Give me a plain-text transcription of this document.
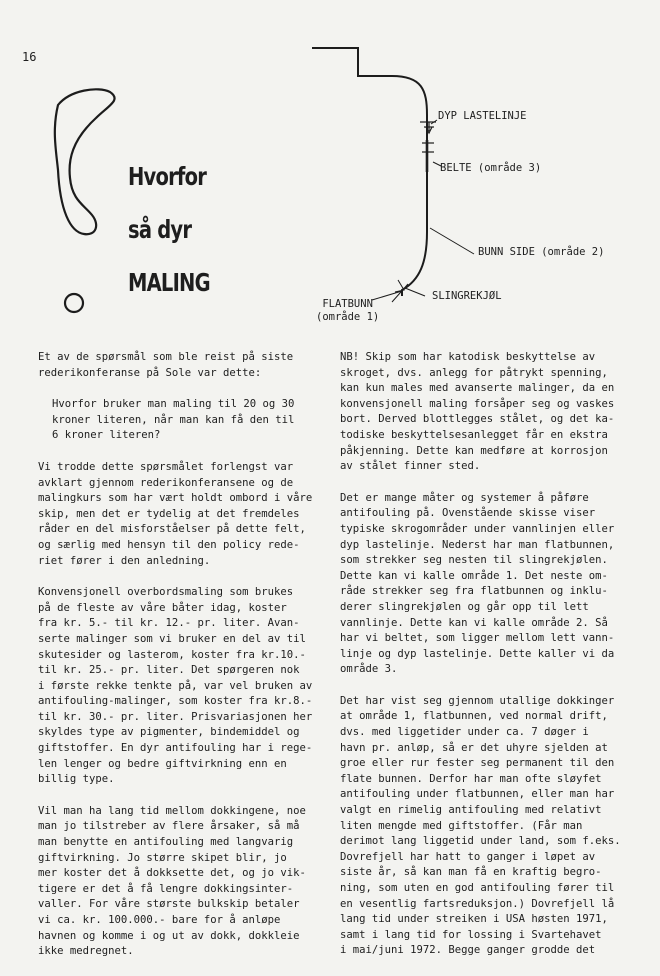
16
Hvorfor
så dyr
MALING
DYP LASTELINJE
BELTE (område 3)
BUNN SIDE (område 2)
SLINGREKJØL
FLATBUNN
(område 1)
Et av de spørsmål som ble reist på siste
rederikonferanse på Sole var dette:
Hvorfor bruker man maling til 20 og 30
kroner literen, når man kan få den til
6 kroner literen?
Vi trodde dette spørsmålet forlengst var
avklart gjennom rederikonferansene og de
malingkurs som har vært holdt ombord i våre
skip, men det er tydelig at det fremdeles
råder en del misforståelser på dette felt,
og særlig med hensyn til den policy rede-
riet fører i den anledning.
Konvensjonell overbordsmaling som brukes
på de fleste av våre båter idag, koster
fra kr. 5.- til kr. 12.- pr. liter. Avan-
serte malinger som vi bruker en del av til
skutesider og lasterom, koster fra kr.10.-
til kr. 25.- pr. liter. Det spørgeren nok
i første rekke tenkte på, var vel bruken av
antifouling-malinger, som koster fra kr.8.-
til kr. 30.- pr. liter. Prisvariasjonen her
skyldes type av pigmenter, bindemiddel og
giftstoffer. En dyr antifouling har i rege-
len lenger og bedre giftvirkning enn en
billig type.
Vil man ha lang tid mellom dokkingene, noe
man jo tilstreber av flere årsaker, så må
man benytte en antifouling med langvarig
giftvirkning. Jo større skipet blir, jo
mer koster det å dokksette det, og jo vik-
tigere er det å få lengre dokkingsinter-
valler. For våre største bulkskip betaler
vi ca. kr. 100.000.- bare for å anløpe
havnen og komme i og ut av dokk, dokkleie
ikke medregnet.
NB! Skip som har katodisk beskyttelse av
skroget, dvs. anlegg for påtrykt spenning,
kan kun males med avanserte malinger, da en
konvensjonell maling forsåper seg og vaskes
bort. Derved blottlegges stålet, og det ka-
todiske beskyttelsesanlegget får en ekstra
påkjenning. Dette kan medføre at korrosjon
av stålet finner sted.
Det er mange måter og systemer å påføre
antifouling på. Ovenstående skisse viser
typiske skrogområder under vannlinjen eller
dyp lastelinje. Nederst har man flatbunnen,
som strekker seg nesten til slingrekjølen.
Dette kan vi kalle område 1. Det neste om-
råde strekker seg fra flatbunnen og inklu-
derer slingrekjølen og går opp til lett
vannlinje. Dette kan vi kalle område 2. Så
har vi beltet, som ligger mellom lett vann-
linje og dyp lastelinje. Dette kaller vi da
område 3.
Det har vist seg gjennom utallige dokkinger
at område 1, flatbunnen, ved normal drift,
dvs. med liggetider under ca. 7 døger i
havn pr. anløp, så er det uhyre sjelden at
groe eller rur fester seg permanent til den
flate bunnen. Derfor har man ofte sløyfet
antifouling under flatbunnen, eller man har
valgt en rimelig antifouling med relativt
liten mengde med giftstoffer. (Får man
derimot lang liggetid under land, som f.eks.
Dovrefjell har hatt to ganger i løpet av
siste år, så kan man få en kraftig begro-
ning, som uten en god antifouling fører til
en vesentlig fartsreduksjon.) Dovrefjell lå
lang tid under streiken i USA høsten 1971,
samt i lang tid for lossing i Svartehavet
i mai/juni 1972. Begge ganger grodde det
